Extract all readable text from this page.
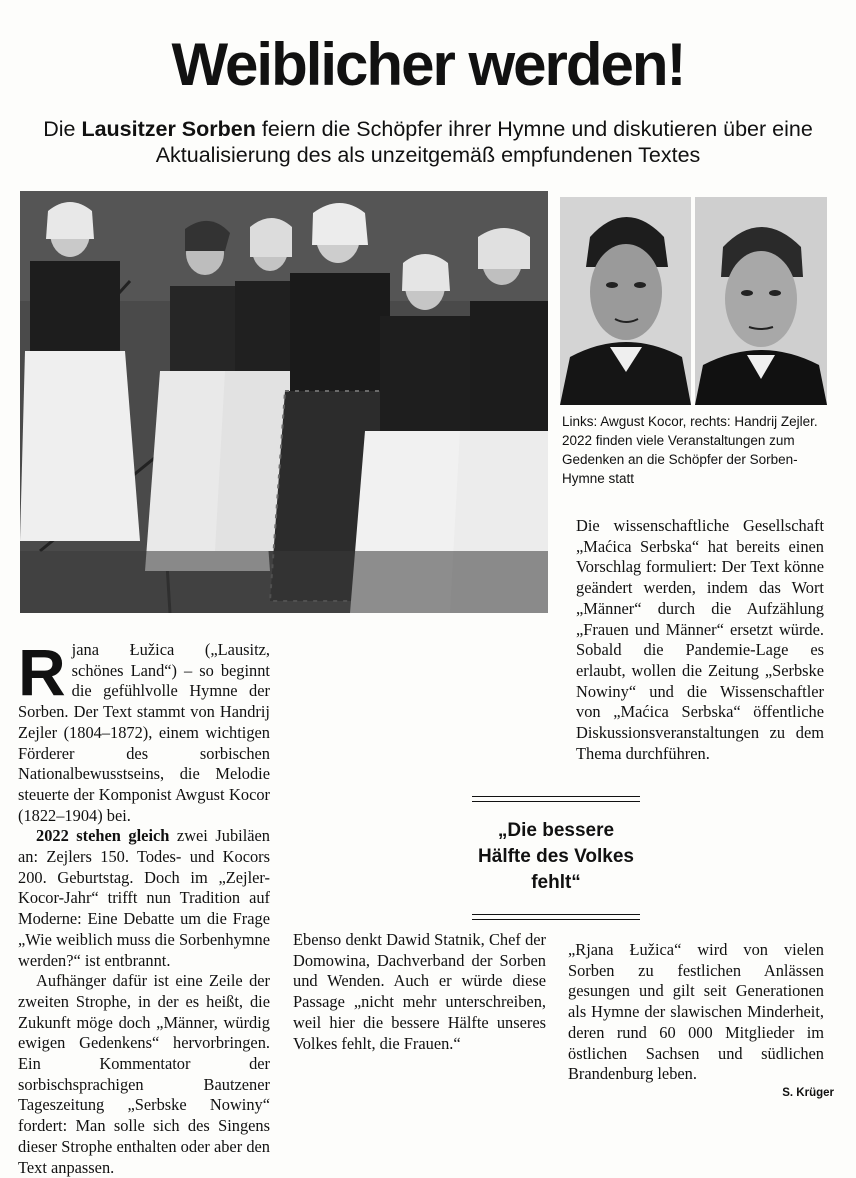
Weiblicher werden!

Die Lausitzer Sorben feiern die Schöpfer ihrer Hymne und diskutieren über eine Aktualisierung des als unzeitgemäß empfundenen Textes

Links: Awgust Kocor, rechts: Handrij Zejler. 2022 finden viele Veranstaltungen zum Gedenken an die Schöpfer der Sorben-Hymne statt

Rjana Łužica („Lausitz, schönes Land“) – so beginnt die gefühlvolle Hymne der Sorben. Der Text stammt von Handrij Zejler (1804–1872), einem wichtigen Förderer des sorbischen Nationalbewusstseins, die Melodie steuerte der Komponist Awgust Kocor (1822–1904) bei.

2022 stehen gleich zwei Jubiläen an: Zejlers 150. Todes- und Kocors 200. Geburtstag. Doch im „Zejler-Kocor-Jahr“ trifft nun Tradition auf Moderne: Eine Debatte um die Frage „Wie weiblich muss die Sorbenhymne werden?“ ist entbrannt.

Aufhänger dafür ist eine Zeile der zweiten Strophe, in der es heißt, die Zukunft möge doch „Männer, würdig ewigen Gedenkens“ hervorbringen. Ein Kommentator der sorbischsprachigen Bautzener Tageszeitung „Serbske Nowiny“ fordert: Man solle sich des Singens dieser Strophe enthalten oder aber den Text anpassen.

Ebenso denkt Dawid Statnik, Chef der Domowina, Dachverband der Sorben und Wenden. Auch er würde diese Passage „nicht mehr unterschreiben, weil hier die bessere Hälfte unseres Volkes fehlt, die Frauen.“

„Die bessere Hälfte des Volkes fehlt“

Die wissenschaftliche Gesellschaft „Maćica Serbska“ hat bereits einen Vorschlag formuliert: Der Text könne geändert werden, indem das Wort „Männer“ durch die Aufzählung „Frauen und Männer“ ersetzt würde. Sobald die Pandemie-Lage es erlaubt, wollen die Zeitung „Serbske Nowiny“ und die Wissenschaftler von „Maćica Serbska“ öffentliche Diskussionsveranstaltungen zu dem Thema durchführen.

„Rjana Łužica“ wird von vielen Sorben zu festlichen Anlässen gesungen und gilt seit Generationen als Hymne der slawischen Minderheit, deren rund 60 000 Mitglieder im östlichen Sachsen und südlichen Brandenburg leben.

S. Krüger
